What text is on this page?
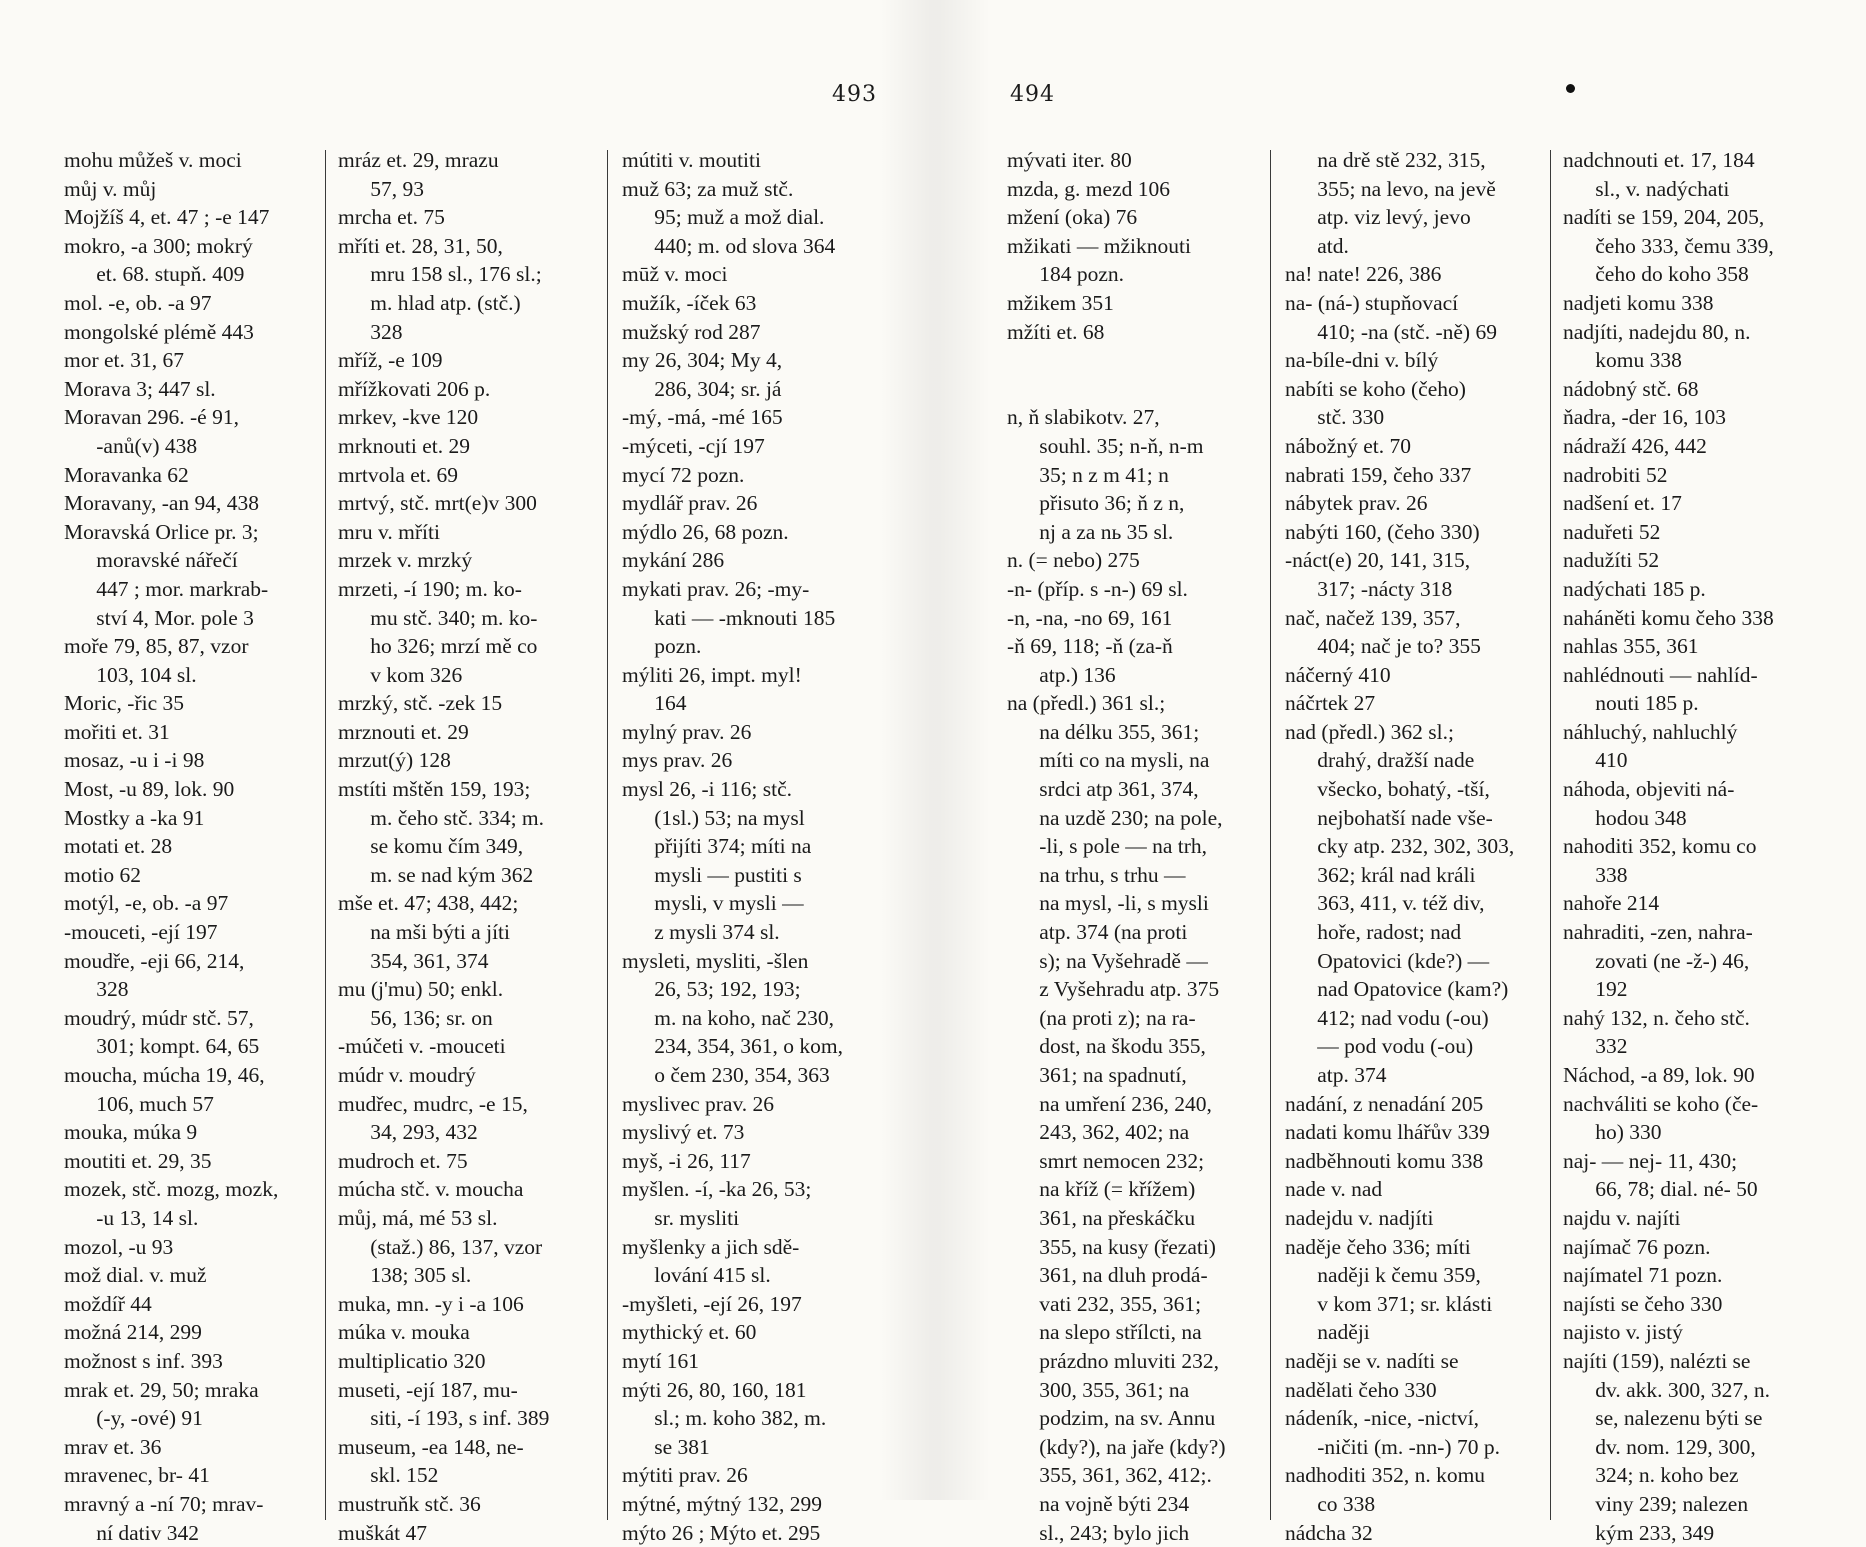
493	494
mohu můžeš v. moci
můj v. můj
Mojžíš 4, et. 47 ; -e 147
mokro, -a 300; mokrý
  et. 68. stupň. 409
mol. -e, ob. -a 97
mongolské plémě 443
mor et. 31, 67
Morava 3; 447 sl.
Moravan 296. -é 91,
  -anů(v) 438
Moravanka 62
Moravany, -an 94, 438
Moravská Orlice pr. 3;
  moravské nářečí
  447 ; mor. markrab-
  ství 4, Mor. pole 3
moře 79, 85, 87, vzor
  103, 104 sl.
Moric, -řic 35
mořiti et. 31
mosaz, -u i -i 98
Most, -u 89, lok. 90
Mostky a -ka 91
motati et. 28
motio 62
motýl, -e, ob. -a 97
-mouceti, -ejí 197
moudře, -eji 66, 214,
  328
moudrý, múdr stč. 57,
  301; kompt. 64, 65
moucha, múcha 19, 46,
  106, much 57
mouka, múka 9
moutiti et. 29, 35
mozek, stč. mozg, mozk,
  -u 13, 14 sl.
mozol, -u 93
mož dial. v. muž
moždíř 44
možná 214, 299
možnost s inf. 393
mrak et. 29, 50; mraka
  (-y, -ové) 91
mrav et. 36
mravenec, br- 41
mravný a -ní 70; mrav-
  ní dativ 342
mráz et. 29, mrazu
  57, 93
mrcha et. 75
mříti et. 28, 31, 50,
  mru 158 sl., 176 sl.;
  m. hlad atp. (stč.)
  328
mříž, -e 109
mřížkovati 206 p.
mrkev, -kve 120
mrknouti et. 29
mrtvola et. 69
mrtvý, stč. mrt(e)v 300
mru v. mříti
mrzek v. mrzký
mrzeti, -í 190; m. ko-
  mu stč. 340; m. ko-
  ho 326; mrzí mě co
  v kom 326
mrzký, stč. -zek 15
mrznouti et. 29
mrzut(ý) 128
mstíti mštěn 159, 193;
  m. čeho stč. 334; m.
  se komu čím 349,
  m. se nad kým 362
mše et. 47; 438, 442;
  na mši býti a jíti
  354, 361, 374
mu (j'mu) 50; enkl.
  56, 136; sr. on
-múčeti v. -mouceti
múdr v. moudrý
mudřec, mudrc, -e 15,
  34, 293, 432
mudroch et. 75
múcha stč. v. moucha
můj, má, mé 53 sl.
  (staž.) 86, 137, vzor
  138; 305 sl.
muka, mn. -y i -a 106
múka v. mouka
multiplicatio 320
museti, -ejí 187, mu-
  siti, -í 193, s inf. 389
museum, -ea 148, ne-
  skl. 152
mustruňk stč. 36
muškát 47
mútiti v. moutiti
muž 63; za muž stč.
  95; muž a mož dial.
  440; m. od slova 364
mūž v. moci
mužík, -íček 63
mužský rod 287
my 26, 304; My 4,
  286, 304; sr. já
-mý, -má, -mé 165
-mýceti, -cjí 197
mycí 72 pozn.
mydlář prav. 26
mýdlo 26, 68 pozn.
mykání 286
mykati prav. 26; -my-
  kati — -mknouti 185
  pozn.
mýliti 26, impt. myl!
  164
mylný prav. 26
mys prav. 26
mysl 26, -i 116; stč.
  (1sl.) 53; na mysl
  přijíti 374; míti na
  mysli — pustiti s
  mysli, v mysli —
  z mysli 374 sl.
mysleti, mysliti, -šlen
  26, 53; 192, 193;
  m. na koho, nač 230,
  234, 354, 361, o kom,
  o čem 230, 354, 363
myslivec prav. 26
myslivý et. 73
myš, -i 26, 117
myšlen. -í, -ka 26, 53;
  sr. mysliti
myšlenky a jich sdě-
  lování 415 sl.
-myšleti, -ejí 26, 197
mythický et. 60
mytí 161
mýti 26, 80, 160, 181
  sl.; m. koho 382, m.
  se 381
mýtiti prav. 26
mýtné, mýtný 132, 299
mýto 26 ; Mýto et. 295
mývati iter. 80
mzda, g. mezd 106
mžení (oka) 76
mžikati — mžiknouti
  184 pozn.
mžikem 351
mžíti et. 68
n, ň slabikotv. 27,
  souhl. 35; n-ň, n-m
  35; n z m 41; n
  přisuto 36; ň z n,
  nj a za nь 35 sl.
n. (= nebo) 275
-n- (příp. s -n-) 69 sl.
-n, -na, -no 69, 161
-ň 69, 118; -ň (za-ň
  atp.) 136
na (předl.) 361 sl.;
  na délku 355, 361;
  míti co na mysli, na
  srdci atp 361, 374,
  na uzdě 230; na pole,
  -li, s pole — na trh,
  na trhu, s trhu —
  na mysl, -li, s mysli
  atp. 374 (na proti
  s); na Vyšehradě —
  z Vyšehradu atp. 375
  (na proti z); na ra-
  dost, na škodu 355,
  361; na spadnutí,
  na umření 236, 240,
  243, 362, 402; na
  smrt nemocen 232;
  na kříž (= křížem)
  361, na přeskáčku
  355, na kusy (řezati)
  361, na dluh prodá-
  vati 232, 355, 361;
  na slepo střílcti, na
  prázdno mluviti 232,
  300, 355, 361; na
  podzim, na sv. Annu
  (kdy?), na jaře (kdy?)
  355, 361, 362, 412;.
  na vojně býti 234
  sl., 243; bylo jich
  na drě stě 232, 315,
  355; na levo, na jevě
  atp. viz levý, jevo
  atd.
na! nate! 226, 386
na- (ná-) stupňovací
  410; -na (stč. -ně) 69
na-bíle-dni v. bílý
nabíti se koho (čeho)
  stč. 330
nábožný et. 70
nabrati 159, čeho 337
nábytek prav. 26
nabýti 160, (čeho 330)
-náct(e) 20, 141, 315,
  317; -nácty 318
nač, načež 139, 357,
  404; nač je to? 355
náčerný 410
náčrtek 27
nad (předl.) 362 sl.;
  drahý, dražší nade
  všecko, bohatý, -tší,
  nejbohatší nade vše-
  cky atp. 232, 302, 303,
  362; král nad králi
  363, 411, v. též div,
  hoře, radost; nad
  Opatovici (kde?) —
  nad Opatovice (kam?)
  412; nad vodu (-ou)
  — pod vodu (-ou)
  atp. 374
nadání, z nenadání 205
nadati komu lhářův 339
nadběhnouti komu 338
nade v. nad
nadejdu v. nadjíti
naděje čeho 336; míti
  naději k čemu 359,
  v kom 371; sr. klásti
  naději
naději se v. nadíti se
nadělati čeho 330
nádeník, -nice, -nictví,
  -ničiti (m. -nn-) 70 p.
nadhoditi 352, n. komu
  co 338
nádcha 32
nadchnouti et. 17, 184
  sl., v. nadýchati
nadíti se 159, 204, 205,
  čeho 333, čemu 339,
  čeho do koho 358
nadjeti komu 338
nadjíti, nadejdu 80, n.
  komu 338
nádobný stč. 68
ňadra, -der 16, 103
nádraží 426, 442
nadrobiti 52
nadšení et. 17
naduřeti 52
nadužíti 52
nadýchati 185 p.
naháněti komu čeho 338
nahlas 355, 361
nahlédnouti — nahlíd-
  nouti 185 p.
náhluchý, nahluchlý
  410
náhoda, objeviti ná-
  hodou 348
nahoditi 352, komu co
  338
nahoře 214
nahraditi, -zen, nahra-
  zovati (ne -ž-) 46,
  192
nahý 132, n. čeho stč.
  332
Náchod, -a 89, lok. 90
nachváliti se koho (če-
  ho) 330
naj- — nej- 11, 430;
  66, 78; dial. né- 50
najdu v. najíti
najímač 76 pozn.
najímatel 71 pozn.
najísti se čeho 330
najisto v. jistý
najíti (159), nalézti se
  dv. akk. 300, 327, n.
  se, nalezenu býti se
  dv. nom. 129, 300,
  324; n. koho bez
  viny 239; nalezen
  kým 233, 349
